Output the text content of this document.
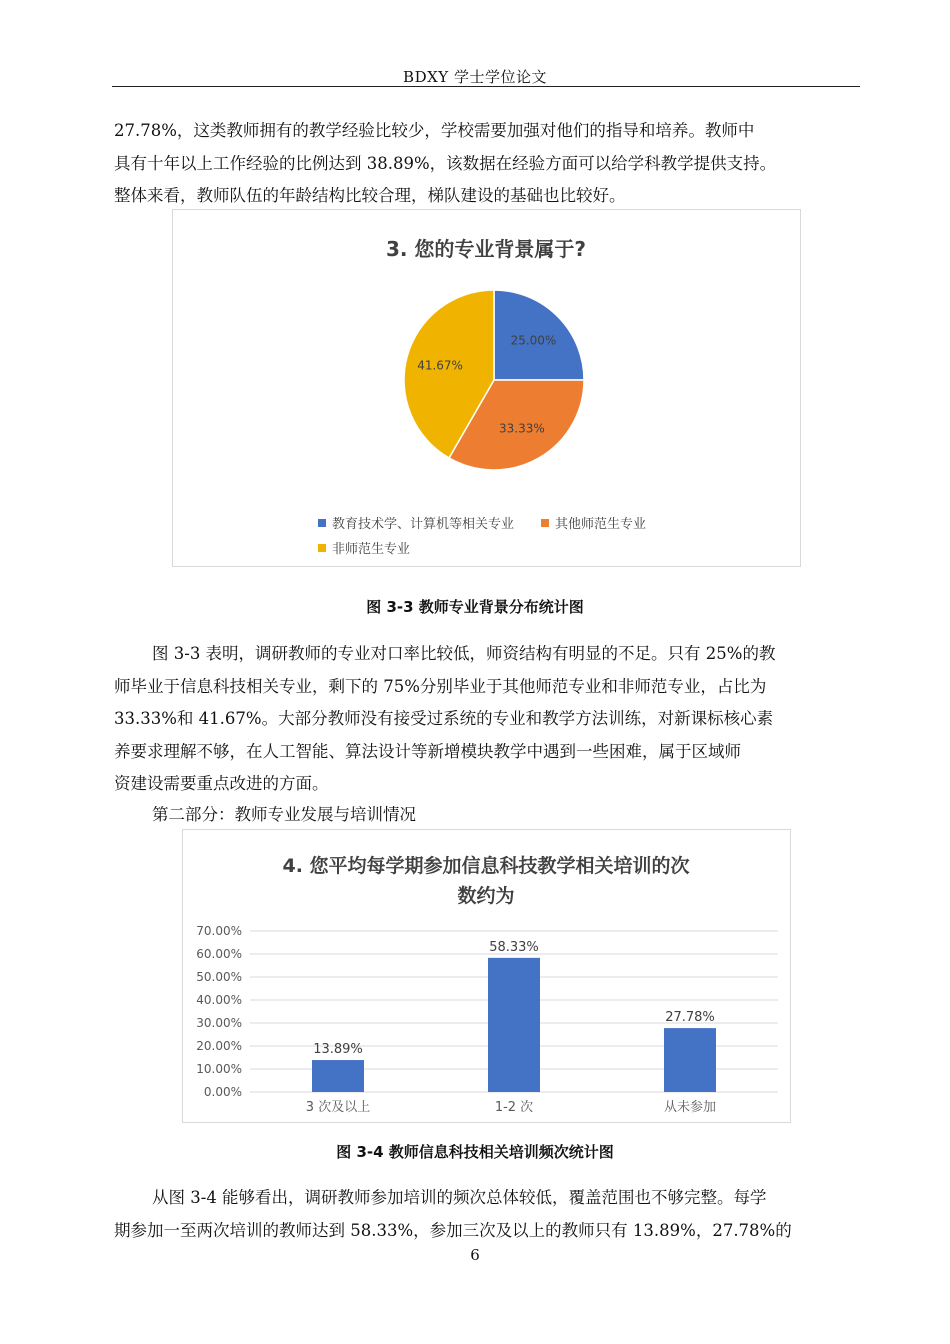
BDXY 学士学位论文
27.78%，这类教师拥有的教学经验比较少，学校需要加强对他们的指导和培养。教师中
具有十年以上工作经验的比例达到 38.89%，该数据在经验方面可以给学科教学提供支持。
整体来看，教师队伍的年龄结构比较合理，梯队建设的基础也比较好。
3. 您的专业背景属于?
25.00%
33.33%
41.67%
教育技术学、计算机等相关专业	其他师范生专业
非师范生专业
图 3-3 教师专业背景分布统计图
图 3-3 表明，调研教师的专业对口率比较低，师资结构有明显的不足。只有 25%的教
师毕业于信息科技相关专业，剩下的 75%分别毕业于其他师范专业和非师范专业，占比为
33.33%和 41.67%。大部分教师没有接受过系统的专业和教学方法训练，对新课标核心素
养要求理解不够，在人工智能、算法设计等新增模块教学中遇到一些困难，属于区域师
资建设需要重点改进的方面。
第二部分：教师专业发展与培训情况
4. 您平均每学期参加信息科技教学相关培训的次
数约为
0.00%
10.00%
20.00%
30.00%
40.00%
50.00%
60.00%
70.00%
13.89%
58.33%
27.78%
3 次及以上	1-2 次	从未参加
图 3-4 教师信息科技相关培训频次统计图
从图 3-4 能够看出，调研教师参加培训的频次总体较低，覆盖范围也不够完整。每学
期参加一至两次培训的教师达到 58.33%，参加三次及以上的教师只有 13.89%，27.78%的
6
